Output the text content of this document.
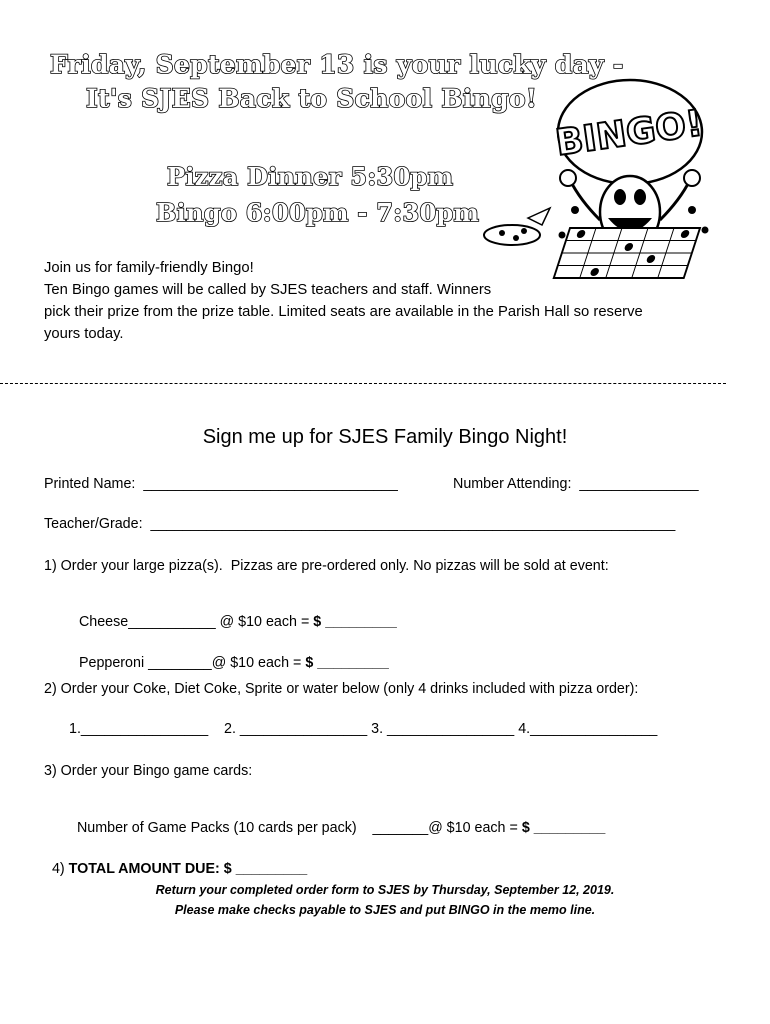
Friday, September 13 is your lucky day -
It's SJES Back to School Bingo!
Pizza Dinner 5:30pm
Bingo 6:00pm - 7:30pm
BINGO!

Join us for family-friendly Bingo!

Ten Bingo games will be called by SJES teachers and staff. Winners

pick their prize from the prize table. Limited seats are available in the Parish Hall so reserve

yours today.

Sign me up for SJES Family Bingo Night!
Printed Name:  ________________________________	Number Attending:  _______________
Teacher/Grade:  __________________________________________________________________
1) Order your large pizza(s).  Pizzas are pre-ordered only. No pizzas will be sold at event:

Cheese___________ @ $10 each = $ _________

Pepperoni ________@ $10 each = $ _________

2) Order your Coke, Diet Coke, Sprite or water below (only 4 drinks included with pizza order):
1.________________    2. ________________ 3. ________________ 4.________________
3) Order your Bingo game cards:

Number of Game Packs (10 cards per pack)    _______@ $10 each = $ _________

4) TOTAL AMOUNT DUE: $ _________

Return your completed order form to SJES by Thursday, September 12, 2019.
Please make checks payable to SJES and put BINGO in the memo line.
